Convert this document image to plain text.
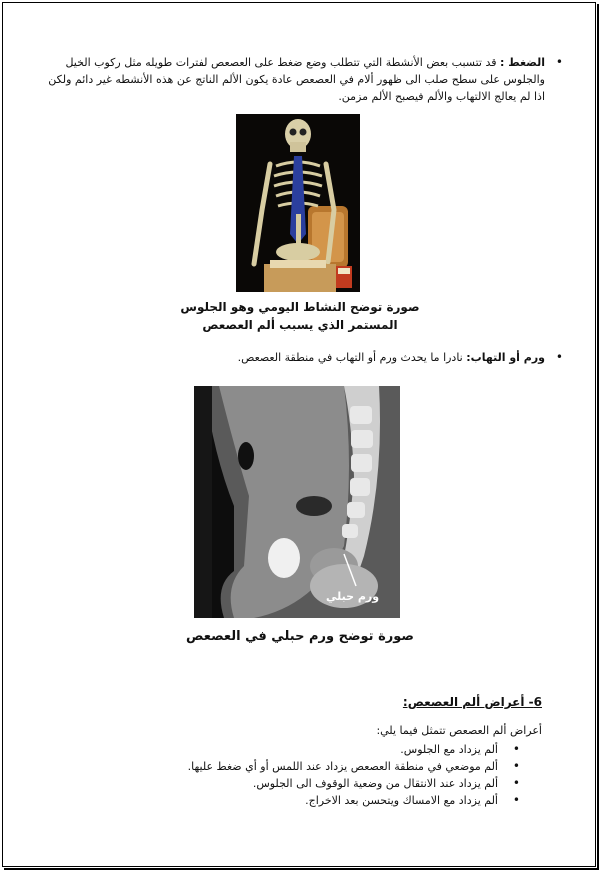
•
الضغط : قد تتسبب بعض الأنشطة التي تتطلب وضع ضغط على العصعص لفترات طويله مثل ركوب الخيل والجلوس على سطح صلب الى ظهور ألام في العصعص عادة يكون الألم الناتج عن هذه الأنشطه غير دائم ولكن اذا لم يعالج الالتهاب والألم فيصبح الألم مزمن.
صورة توضح النشاط اليومي وهو الجلوس
المستمر الذي يسبب ألم العصعص
•
ورم أو التهاب: نادرا ما يحدث ورم أو التهاب في منطقة العصعص.
ورم حبلي
صورة توضح ورم حبلي في العصعص
6- أعراض ألم العصعص:
أعراض ألم العصعص تتمثل فيما يلي:
• ألم يزداد مع الجلوس.
• ألم موضعي في منطقة العصعص يزداد عند اللمس أو أي ضغط عليها.
• ألم يزداد عند الانتقال من وضعية الوقوف الى الجلوس.
• ألم يزداد مع الامساك ويتحسن بعد الاخراج.
